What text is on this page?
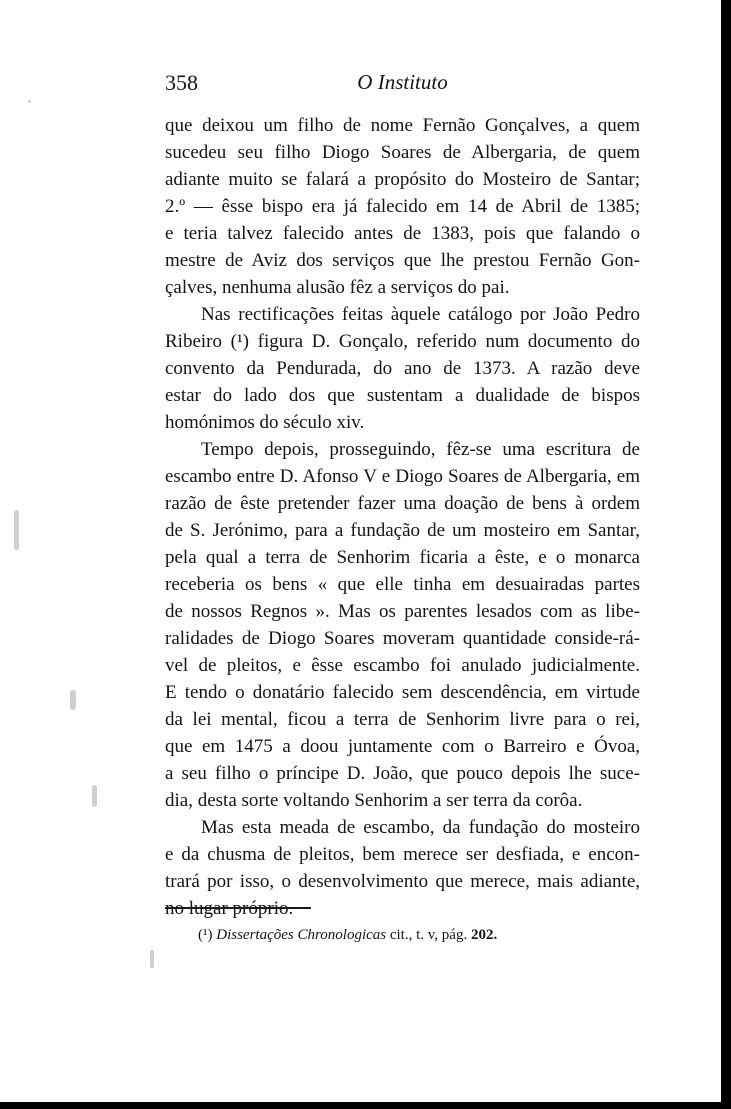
358	O Instituto
que deixou um filho de nome Fernão Gonçalves, a quem
sucedeu seu filho Diogo Soares de Albergaria, de quem
adiante muito se falará a propósito do Mosteiro de Santar;
2.º — êsse bispo era já falecido em 14 de Abril de 1385;
e teria talvez falecido antes de 1383, pois que falando o
mestre de Aviz dos serviços que lhe prestou Fernão Gon-
çalves, nenhuma alusão fêz a serviços do pai.
Nas rectificações feitas àquele catálogo por João Pedro
Ribeiro (¹) figura D. Gonçalo, referido num documento do
convento da Pendurada, do ano de 1373. A razão deve
estar do lado dos que sustentam a dualidade de bispos
homónimos do século xiv.
Tempo depois, prosseguindo, fêz-se uma escritura de
escambo entre D. Afonso V e Diogo Soares de Albergaria, em
razão de êste pretender fazer uma doação de bens à ordem
de S. Jerónimo, para a fundação de um mosteiro em Santar,
pela qual a terra de Senhorim ficaria a êste, e o monarca
receberia os bens « que elle tinha em desuairadas partes
de nossos Regnos ». Mas os parentes lesados com as libe-
ralidades de Diogo Soares moveram quantidade conside-rá-
vel de pleitos, e êsse escambo foi anulado judicialmente.
E tendo o donatário falecido sem descendência, em virtude
da lei mental, ficou a terra de Senhorim livre para o rei,
que em 1475 a doou juntamente com o Barreiro e Óvoa,
a seu filho o príncipe D. João, que pouco depois lhe suce-
dia, desta sorte voltando Senhorim a ser terra da corôa.
Mas esta meada de escambo, da fundação do mosteiro
e da chusma de pleitos, bem merece ser desfiada, e encon-
trará por isso, o desenvolvimento que merece, mais adiante,
no lugar próprio.
(¹) Dissertações Chronologicas cit., t. v, pág. 202.
